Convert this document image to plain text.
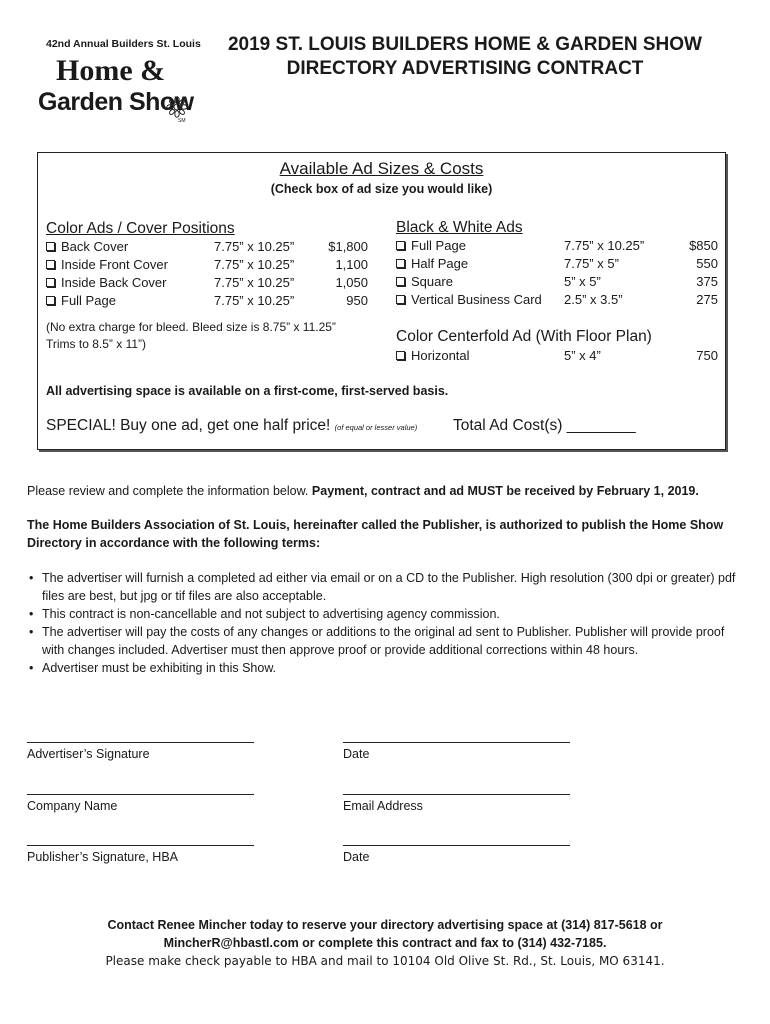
42nd Annual Builders St. Louis
Home &
Garden Show
SM
2019 ST. LOUIS BUILDERS HOME & GARDEN SHOW
DIRECTORY ADVERTISING CONTRACT
Available Ad Sizes & Costs
(Check box of ad size you would like)
Color Ads / Cover Positions
Back Cover	7.75” x 10.25”	$1,800
Inside Front Cover	7.75” x 10.25”	1,100
Inside Back Cover	7.75” x 10.25”	1,050
Full Page	7.75” x 10.25”	950
(No extra charge for bleed. Bleed size is 8.75” x 11.25”
Trims to 8.5” x 11”)
Black & White Ads
Full Page	7.75” x 10.25”	$850
Half Page	7.75” x 5”	550
Square	5” x 5”	375
Vertical Business Card 2.5” x 3.5”	275
Color Centerfold Ad (With Floor Plan)
Horizontal	5” x 4”	750
All advertising space is available on a first-come, first-served basis.
SPECIAL! Buy one ad, get one half price! (of equal or lesser value) Total Ad Cost(s) ________
Please review and complete the information below. Payment, contract and ad MUST be received by February 1, 2019.
The Home Builders Association of St. Louis, hereinafter called the Publisher, is authorized to publish the Home Show Directory in accordance with the following terms:
• The advertiser will furnish a completed ad either via email or on a CD to the Publisher. High resolution (300 dpi or greater) pdf files are best, but jpg or tif files are also acceptable.
• This contract is non-cancellable and not subject to advertising agency commission.
• The advertiser will pay the costs of any changes or additions to the original ad sent to Publisher. Publisher will provide proof with changes included. Advertiser must then approve proof or provide additional corrections within 48 hours.
• Advertiser must be exhibiting in this Show.
Advertiser’s Signature	Date
Company Name	Email Address
Publisher’s Signature, HBA	Date
Contact Renee Mincher today to reserve your directory advertising space at (314) 817-5618 or
MincherR@hbastl.com or complete this contract and fax to (314) 432-7185.
Please make check payable to HBA and mail to 10104 Old Olive St. Rd., St. Louis, MO 63141.
